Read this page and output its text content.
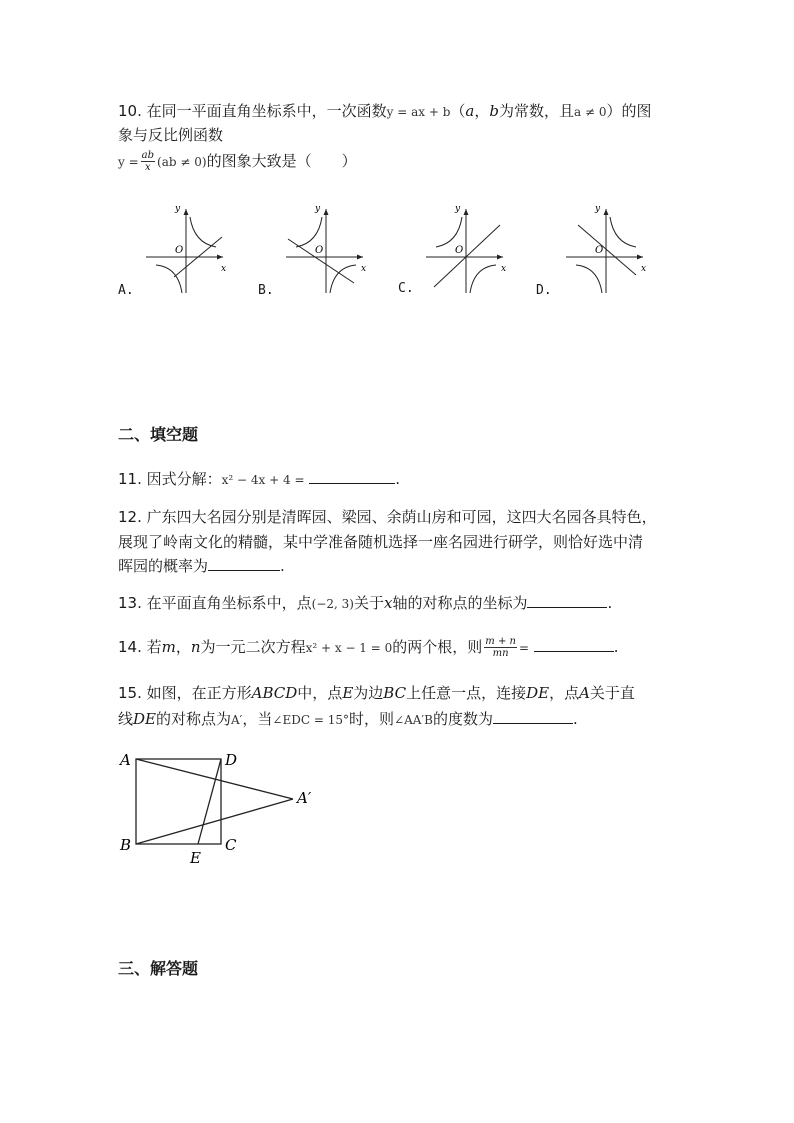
10. 在同一平面直角坐标系中，一次函数y = ax + b（a，b为常数，且a ≠ 0）的图
象与反比例函数
$y = \frac{ab}{x} (ab \ne 0)$的图象大致是（　　）
x
y
O
x
y
O
x
y
O
x
y
O
A.	B.	C.	D.
二、填空题
11. 因式分解：x² − 4x + 4 =	.
12. 广东四大名园分别是清晖园、梁园、余荫山房和可园，这四大名园各具特色，
展现了岭南文化的精髓，某中学准备随机选择一座名园进行研学，则恰好选中清
晖园的概率为	.
13. 在平面直角坐标系中，点(−2, 3)关于x轴的对称点的坐标为	.
14. 若m，n为一元二次方程x² + x − 1 = 0的两个根，则 $\frac{m + n}{mn}$ =	.
15. 如图，在正方形ABCD中，点E为边BC上任意一点，连接DE，点A关于直
线DE的对称点为A′，当∠EDC = 15°时，则∠AA′B的度数为	.
A
B	C
D
E
A′
三、解答题
